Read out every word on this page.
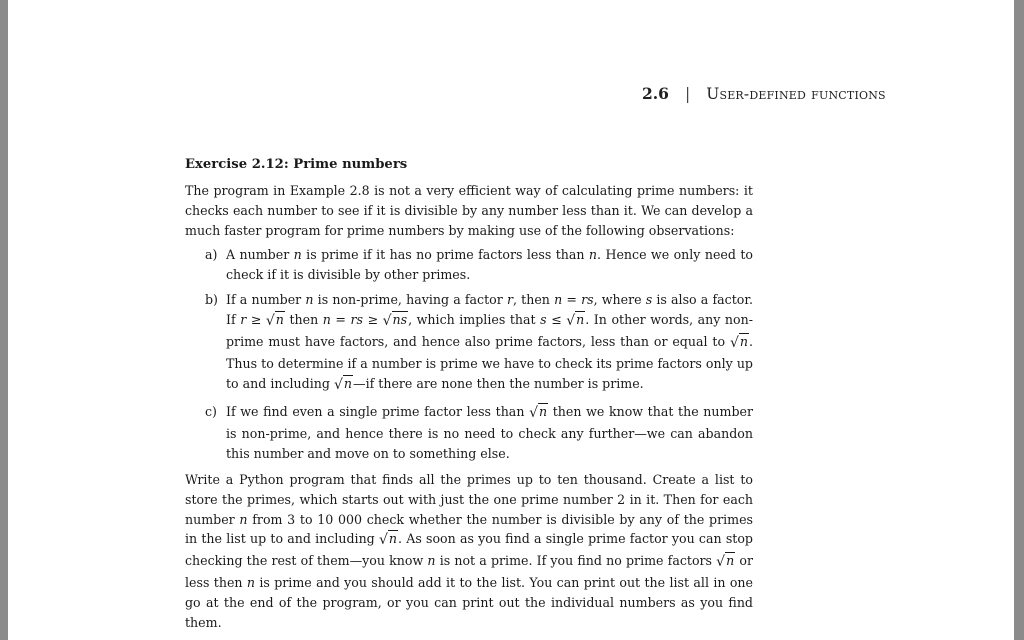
2.6 | User-defined functions
Exercise 2.12: Prime numbers

The program in Example 2.8 is not a very efficient way of calculating prime numbers: it checks each number to see if it is divisible by any number less than it. We can develop a much faster program for prime numbers by making use of the following observations:

a) A number n is prime if it has no prime factors less than n. Hence we only need to check if it is divisible by other primes.
b) If a number n is non-prime, having a factor r, then n = rs, where s is also a factor. If r ≥ √n then n = rs ≥ √ns, which implies that s ≤ √n. In other words, any non-prime must have factors, and hence also prime factors, less than or equal to √n. Thus to determine if a number is prime we have to check its prime factors only up to and including √n—if there are none then the number is prime.
c) If we find even a single prime factor less than √n then we know that the number is non-prime, and hence there is no need to check any further—we can abandon this number and move on to something else.

Write a Python program that finds all the primes up to ten thousand. Create a list to store the primes, which starts out with just the one prime number 2 in it. Then for each number n from 3 to 10 000 check whether the number is divisible by any of the primes in the list up to and including √n. As soon as you find a single prime factor you can stop checking the rest of them—you know n is not a prime. If you find no prime factors √n or less then n is prime and you should add it to the list. You can print out the list all in one go at the end of the program, or you can print out the individual numbers as you find them.
